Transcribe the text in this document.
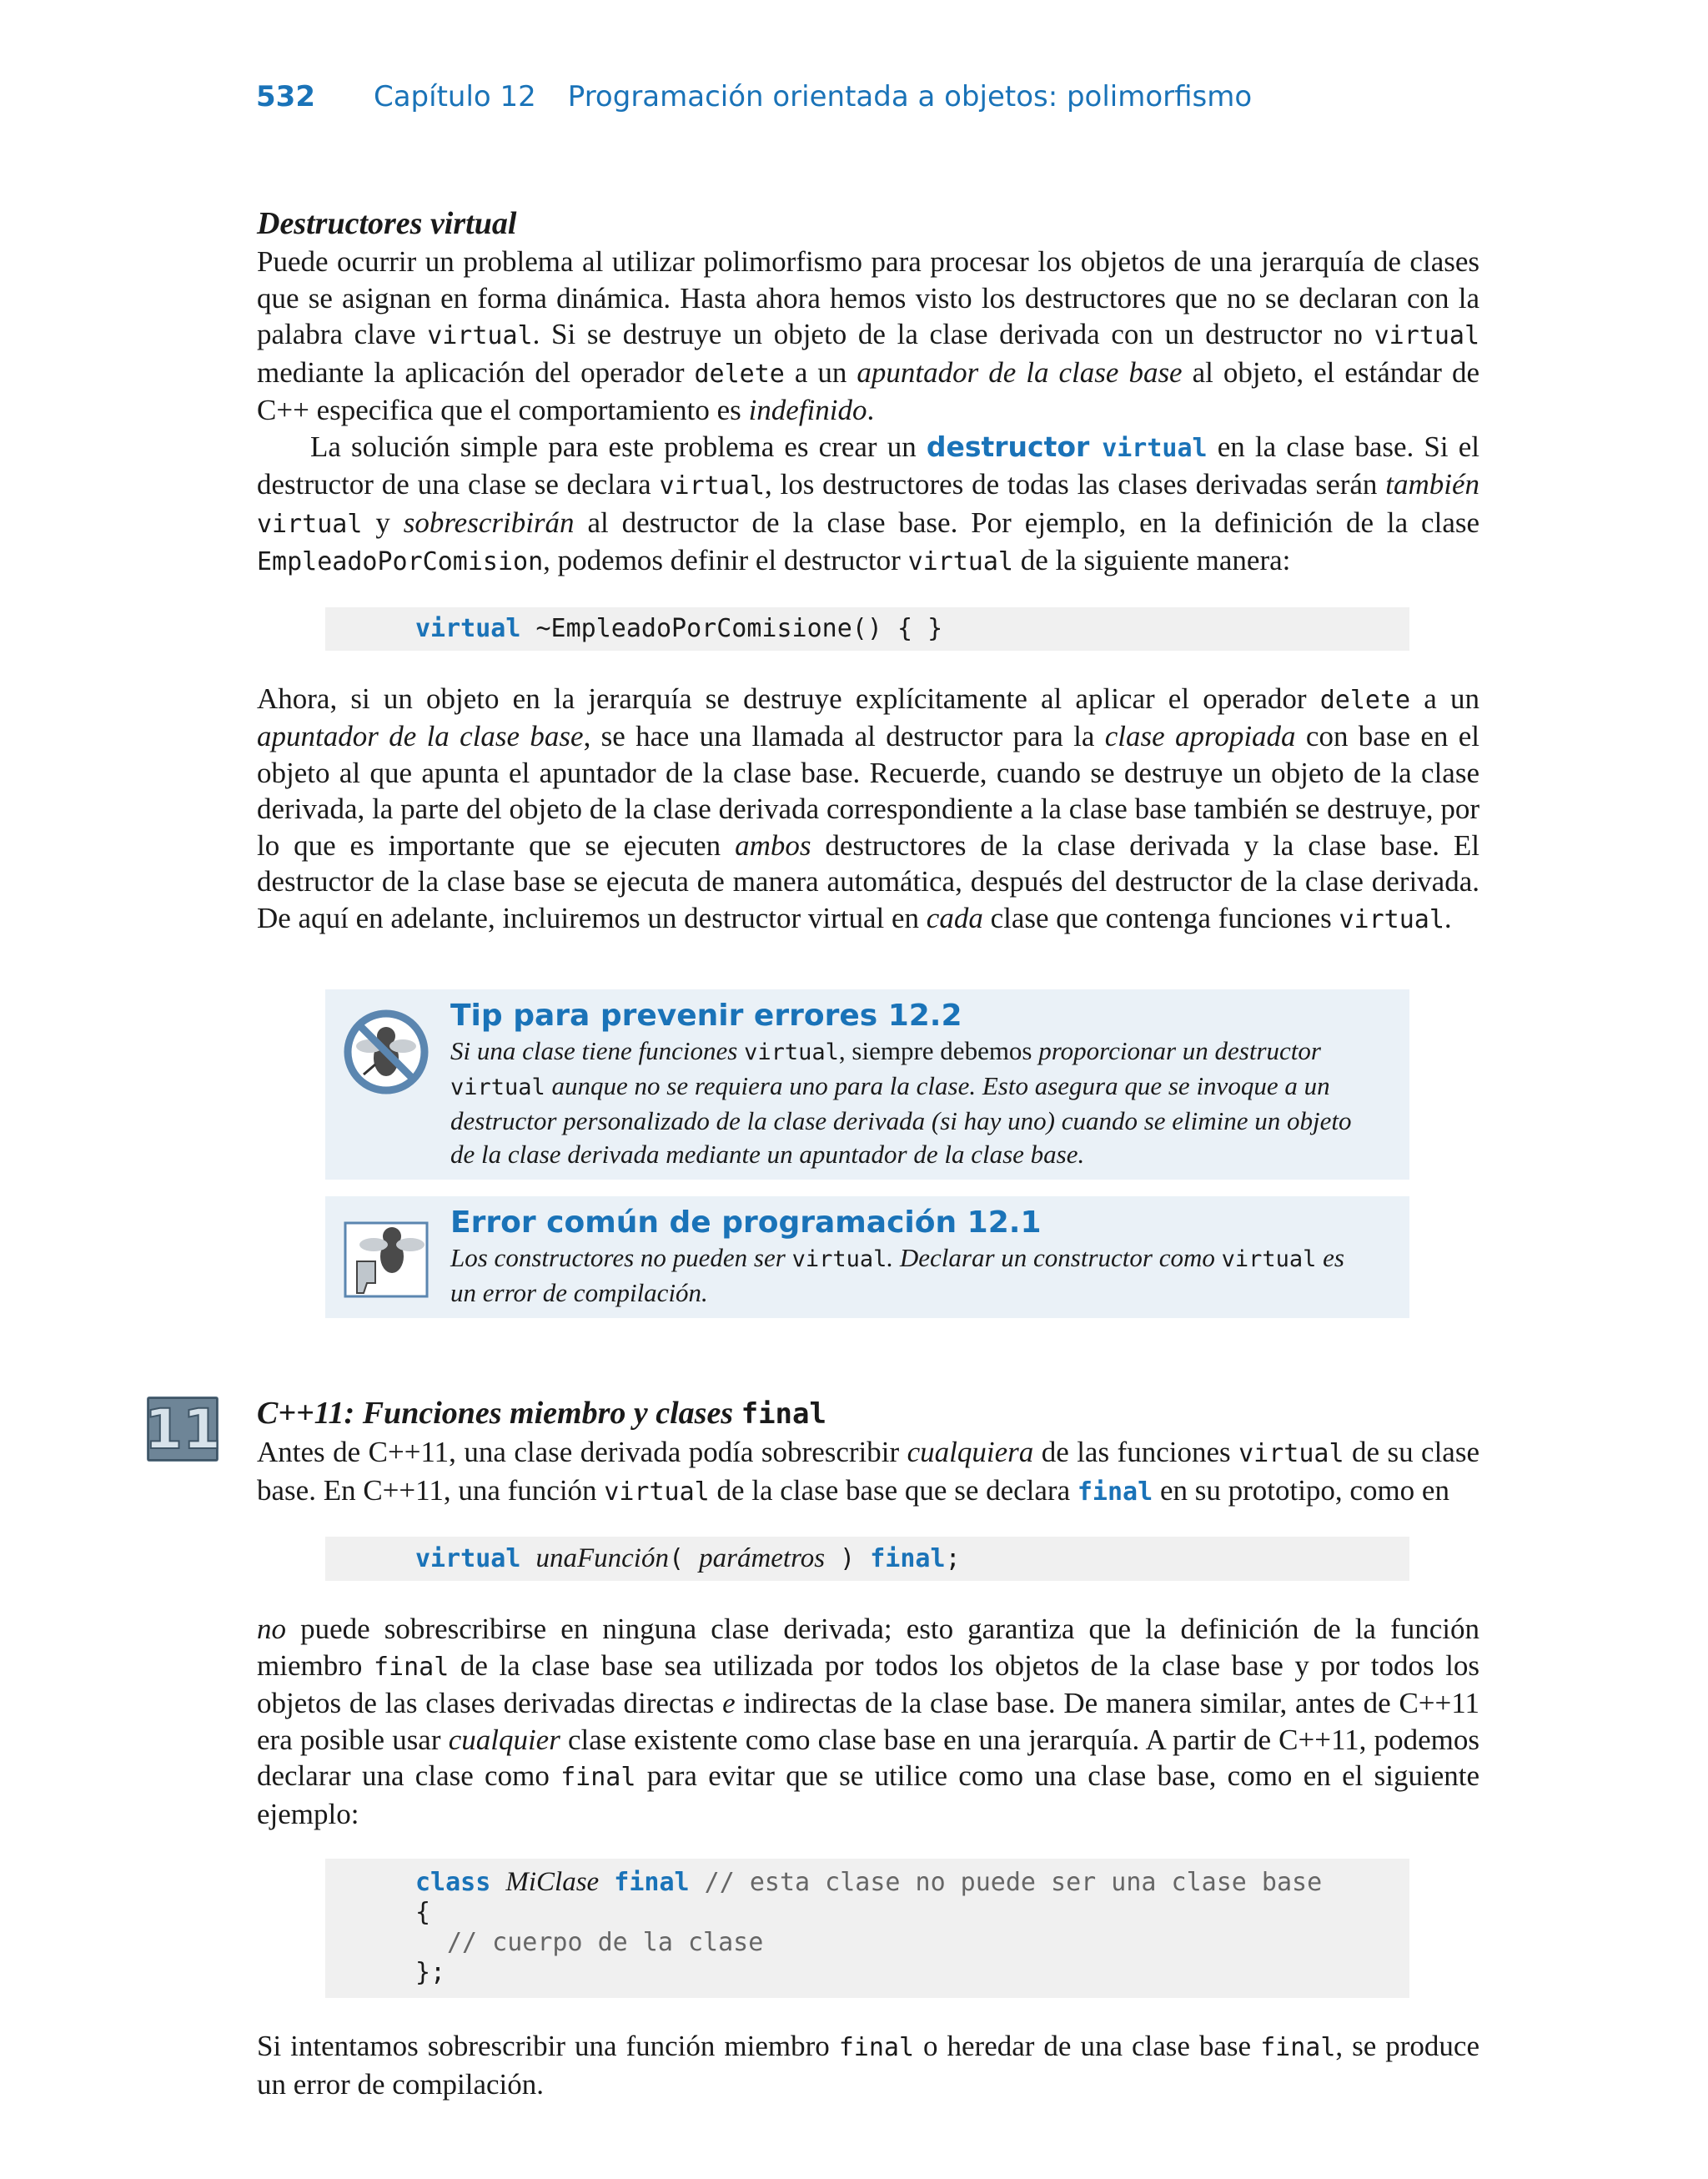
532 Capítulo 12 Programación orientada a objetos: polimorfismo
11
Destructores virtual

Puede ocurrir un problema al utilizar polimorfismo para procesar los objetos de una jerarquía de clases que se asignan en forma dinámica. Hasta ahora hemos visto los destructores que no se declaran con la palabra clave virtual. Si se destruye un objeto de la clase derivada con un destructor no virtual mediante la aplicación del operador delete a un apuntador de la clase base al objeto, el estándar de C++ especifica que el comportamiento es indefinido.

La solución simple para este problema es crear un destructor virtual en la clase base. Si el destructor de una clase se declara virtual, los destructores de todas las clases derivadas serán también virtual y sobrescribirán al destructor de la clase base. Por ejemplo, en la definición de la clase EmpleadoPorComision, podemos definir el destructor virtual de la siguiente manera:

virtual ~EmpleadoPorComisione() { }

Ahora, si un objeto en la jerarquía se destruye explícitamente al aplicar el operador delete a un apuntador de la clase base, se hace una llamada al destructor para la clase apropiada con base en el objeto al que apunta el apuntador de la clase base. Recuerde, cuando se destruye un objeto de la clase derivada, la parte del objeto de la clase derivada correspondiente a la clase base también se destruye, por lo que es importante que se ejecuten ambos destructores de la clase derivada y la clase base. El destructor de la clase base se ejecuta de manera automática, después del destructor de la clase derivada. De aquí en adelante, incluiremos un destructor virtual en cada clase que contenga funciones virtual.

Tip para prevenir errores 12.2
Si una clase tiene funciones virtual, siempre debemos proporcionar un destructor virtual aunque no se requiera uno para la clase. Esto asegura que se invoque a un destructor personalizado de la clase derivada (si hay uno) cuando se elimine un objeto de la clase derivada mediante un apuntador de la clase base.
Error común de programación 12.1
Los constructores no pueden ser virtual. Declarar un constructor como virtual es un error de compilación.
C++11: Funciones miembro y clases final

Antes de C++11, una clase derivada podía sobrescribir cualquiera de las funciones virtual de su clase base. En C++11, una función virtual de la clase base que se declara final en su prototipo, como en

virtual unaFunción( parámetros ) final;

no puede sobrescribirse en ninguna clase derivada; esto garantiza que la definición de la función miembro final de la clase base sea utilizada por todos los objetos de la clase base y por todos los objetos de las clases derivadas directas e indirectas de la clase base. De manera similar, antes de C++11 era posible usar cualquier clase existente como clase base en una jerarquía. A partir de C++11, podemos declarar una clase como final para evitar que se utilice como una clase base, como en el siguiente ejemplo:

class MiClase final // esta clase no puede ser una clase base
{
// cuerpo de la clase
};

Si intentamos sobrescribir una función miembro final o heredar de una clase base final, se produce un error de compilación.
